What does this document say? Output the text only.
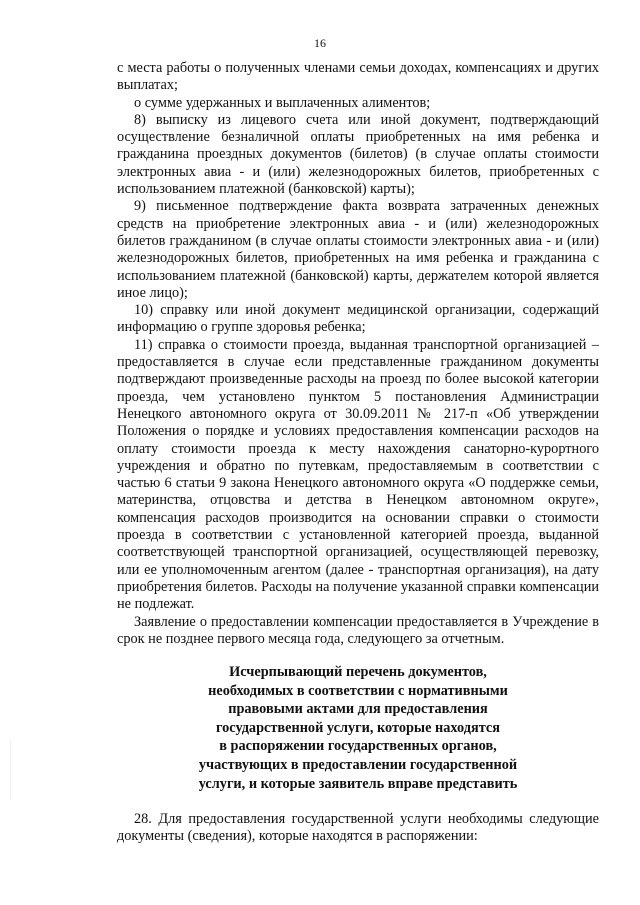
16

с места работы о полученных членами семьи доходах, компенсациях и других выплатах;

о сумме удержанных и выплаченных алиментов;

8) выписку из лицевого счета или иной документ, подтверждающий осуществление безналичной оплаты приобретенных на имя ребенка и гражданина проездных документов (билетов) (в случае оплаты стоимости электронных авиа - и (или) железнодорожных билетов, приобретенных с использованием платежной (банковской) карты);

9) письменное подтверждение факта возврата затраченных денежных средств на приобретение электронных авиа - и (или) железнодорожных билетов гражданином (в случае оплаты стоимости электронных авиа - и (или) железнодорожных билетов, приобретенных на имя ребенка и гражданина с использованием платежной (банковской) карты, держателем которой является иное лицо);

10) справку или иной документ медицинской организации, содержащий информацию о группе здоровья ребенка;

11) справка о стоимости проезда, выданная транспортной организацией – предоставляется в случае если представленные гражданином документы подтверждают произведенные расходы на проезд по более высокой категории проезда, чем установлено пунктом 5 постановления Администрации Ненецкого автономного округа от 30.09.2011 № 217-п «Об утверждении Положения о порядке и условиях предоставления компенсации расходов на оплату стоимости проезда к месту нахождения санаторно-курортного учреждения и обратно по путевкам, предоставляемым в соответствии с частью 6 статьи 9 закона Ненецкого автономного округа «О поддержке семьи, материнства, отцовства и детства в Ненецком автономном округе», компенсация расходов производится на основании справки о стоимости проезда в соответствии с установленной категорией проезда, выданной соответствующей транспортной организацией, осуществляющей перевозку, или ее уполномоченным агентом (далее - транспортная организация), на дату приобретения билетов. Расходы на получение указанной справки компенсации не подлежат.

Заявление о предоставлении компенсации предоставляется в Учреждение в срок не позднее первого месяца года, следующего за отчетным.

Исчерпывающий перечень документов,
необходимых в соответствии с нормативными
правовыми актами для предоставления
государственной услуги, которые находятся
в распоряжении государственных органов,
участвующих в предоставлении государственной
услуги, и которые заявитель вправе представить

28. Для предоставления государственной услуги необходимы следующие документы (сведения), которые находятся в распоряжении:
